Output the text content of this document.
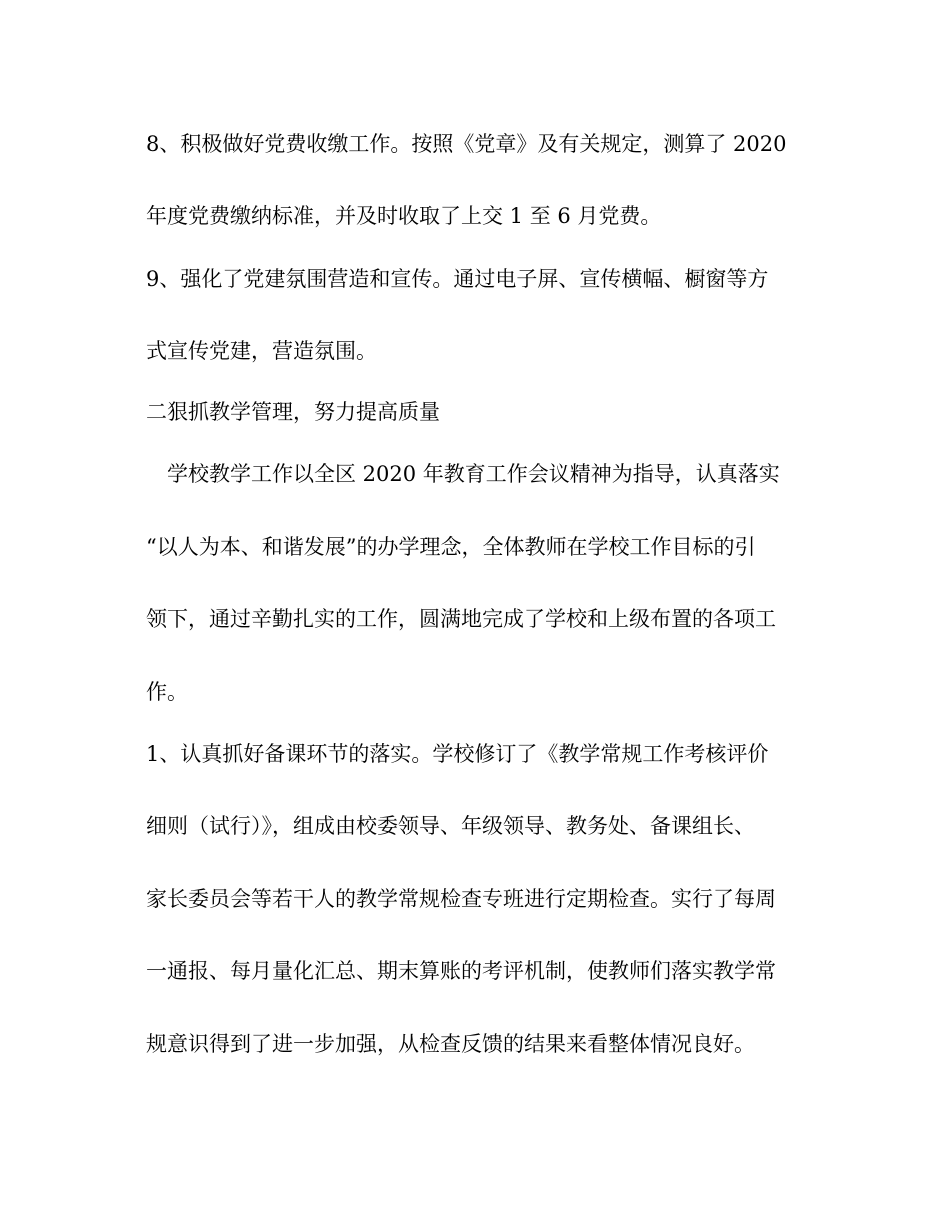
8、积极做好党费收缴工作。按照《党章》及有关规定，测算了 2020

年度党费缴纳标准，并及时收取了上交 1 至 6 月党费。

9、强化了党建氛围营造和宣传。通过电子屏、宣传横幅、橱窗等方

式宣传党建，营造氛围。

二狠抓教学管理，努力提高质量

　学校教学工作以全区 2020 年教育工作会议精神为指导，认真落实

“以人为本、和谐发展”的办学理念，全体教师在学校工作目标的引

领下，通过辛勤扎实的工作，圆满地完成了学校和上级布置的各项工

作。

1、认真抓好备课环节的落实。学校修订了《教学常规工作考核评价

细则（试行）》，组成由校委领导、年级领导、教务处、备课组长、

家长委员会等若干人的教学常规检查专班进行定期检查。实行了每周

一通报、每月量化汇总、期末算账的考评机制，使教师们落实教学常

规意识得到了进一步加强，从检查反馈的结果来看整体情况良好。
